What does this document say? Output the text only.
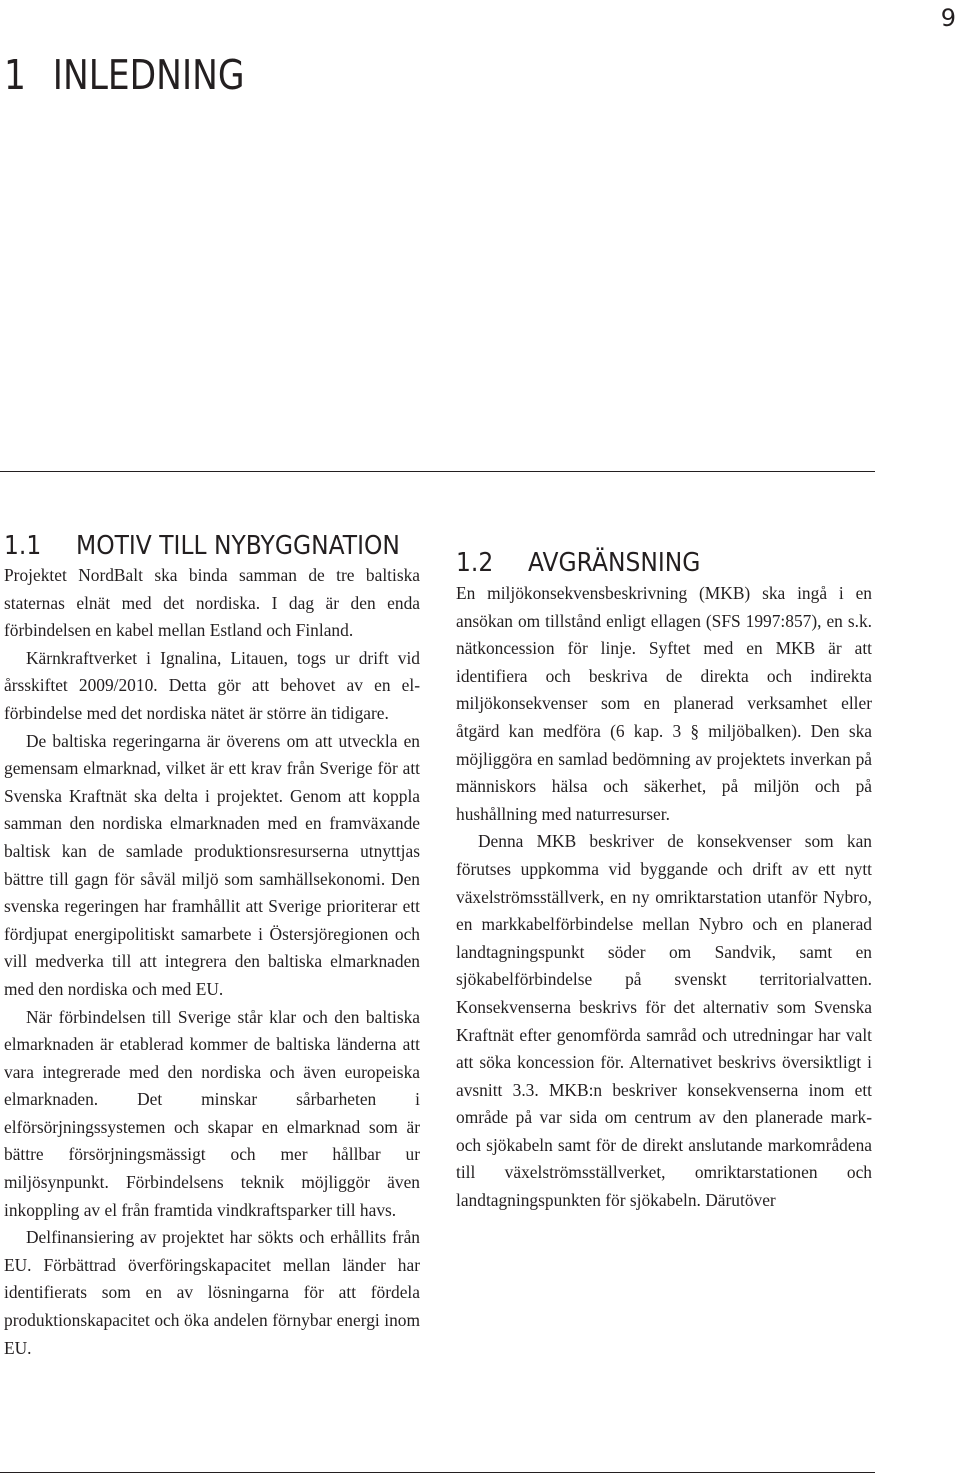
9
1 INLEDNING
1.1 MOTIV TILL NYBYGGNATION

Projektet NordBalt ska binda samman de tre baltiska staternas elnät med det nordiska. I dag är den enda förbindelsen en kabel mellan Estland och Finland.

Kärnkraftverket i Ignalina, Litauen, togs ur drift vid årsskiftet 2009/2010. Detta gör att behovet av en el-förbindelse med det nordiska nätet är större än tidigare.

De baltiska regeringarna är överens om att utveckla en gemensam elmarknad, vilket är ett krav från Sverige för att Svenska Kraftnät ska delta i projektet. Genom att koppla samman den nordiska elmarknaden med en framväxande baltisk kan de samlade produktionsresurserna utnyttjas bättre till gagn för såväl miljö som samhällsekonomi. Den svenska regeringen har framhållit att Sverige prioriterar ett fördjupat energipolitiskt samarbete i Östersjöregionen och vill medverka till att integrera den baltiska elmarknaden med den nordiska och med EU.

När förbindelsen till Sverige står klar och den baltiska elmarknaden är etablerad kommer de baltiska länderna att vara integrerade med den nordiska och även europeiska elmarknaden. Det minskar sårbarheten i elförsörjningssystemen och skapar en elmarknad som är bättre försörjningsmässigt och mer hållbar ur miljösynpunkt. Förbindelsens teknik möjliggör även inkoppling av el från framtida vindkraftsparker till havs.

Delfinansiering av projektet har sökts och erhållits från EU. Förbättrad överföringskapacitet mellan länder har identifierats som en av lösningarna för att fördela produktionskapacitet och öka andelen förnybar energi inom EU.

1.2 AVGRÄNSNING

En miljökonsekvensbeskrivning (MKB) ska ingå i en ansökan om tillstånd enligt ellagen (SFS 1997:857), en s.k. nätkoncession för linje. Syftet med en MKB är att identifiera och beskriva de direkta och indirekta miljökonsekvenser som en planerad verksamhet eller åtgärd kan medföra (6 kap. 3 § miljöbalken). Den ska möjliggöra en samlad bedömning av projektets inverkan på människors hälsa och säkerhet, på miljön och på hushållning med naturresurser.

Denna MKB beskriver de konsekvenser som kan förutses uppkomma vid byggande och drift av ett nytt växelströmsställverk, en ny omriktarstation utanför Nybro, en markkabelförbindelse mellan Nybro och en planerad landtagningspunkt söder om Sandvik, samt en sjökabelförbindelse på svenskt territorialvatten. Konsekvenserna beskrivs för det alternativ som Svenska Kraftnät efter genomförda samråd och utredningar har valt att söka koncession för. Alternativet beskrivs översiktligt i avsnitt 3.3. MKB:n beskriver konsekvenserna inom ett område på var sida om centrum av den planerade mark- och sjökabeln samt för de direkt anslutande markområdena till växelströmsställverket, omriktarstationen och landtagningspunkten för sjökabeln. Därutöver
